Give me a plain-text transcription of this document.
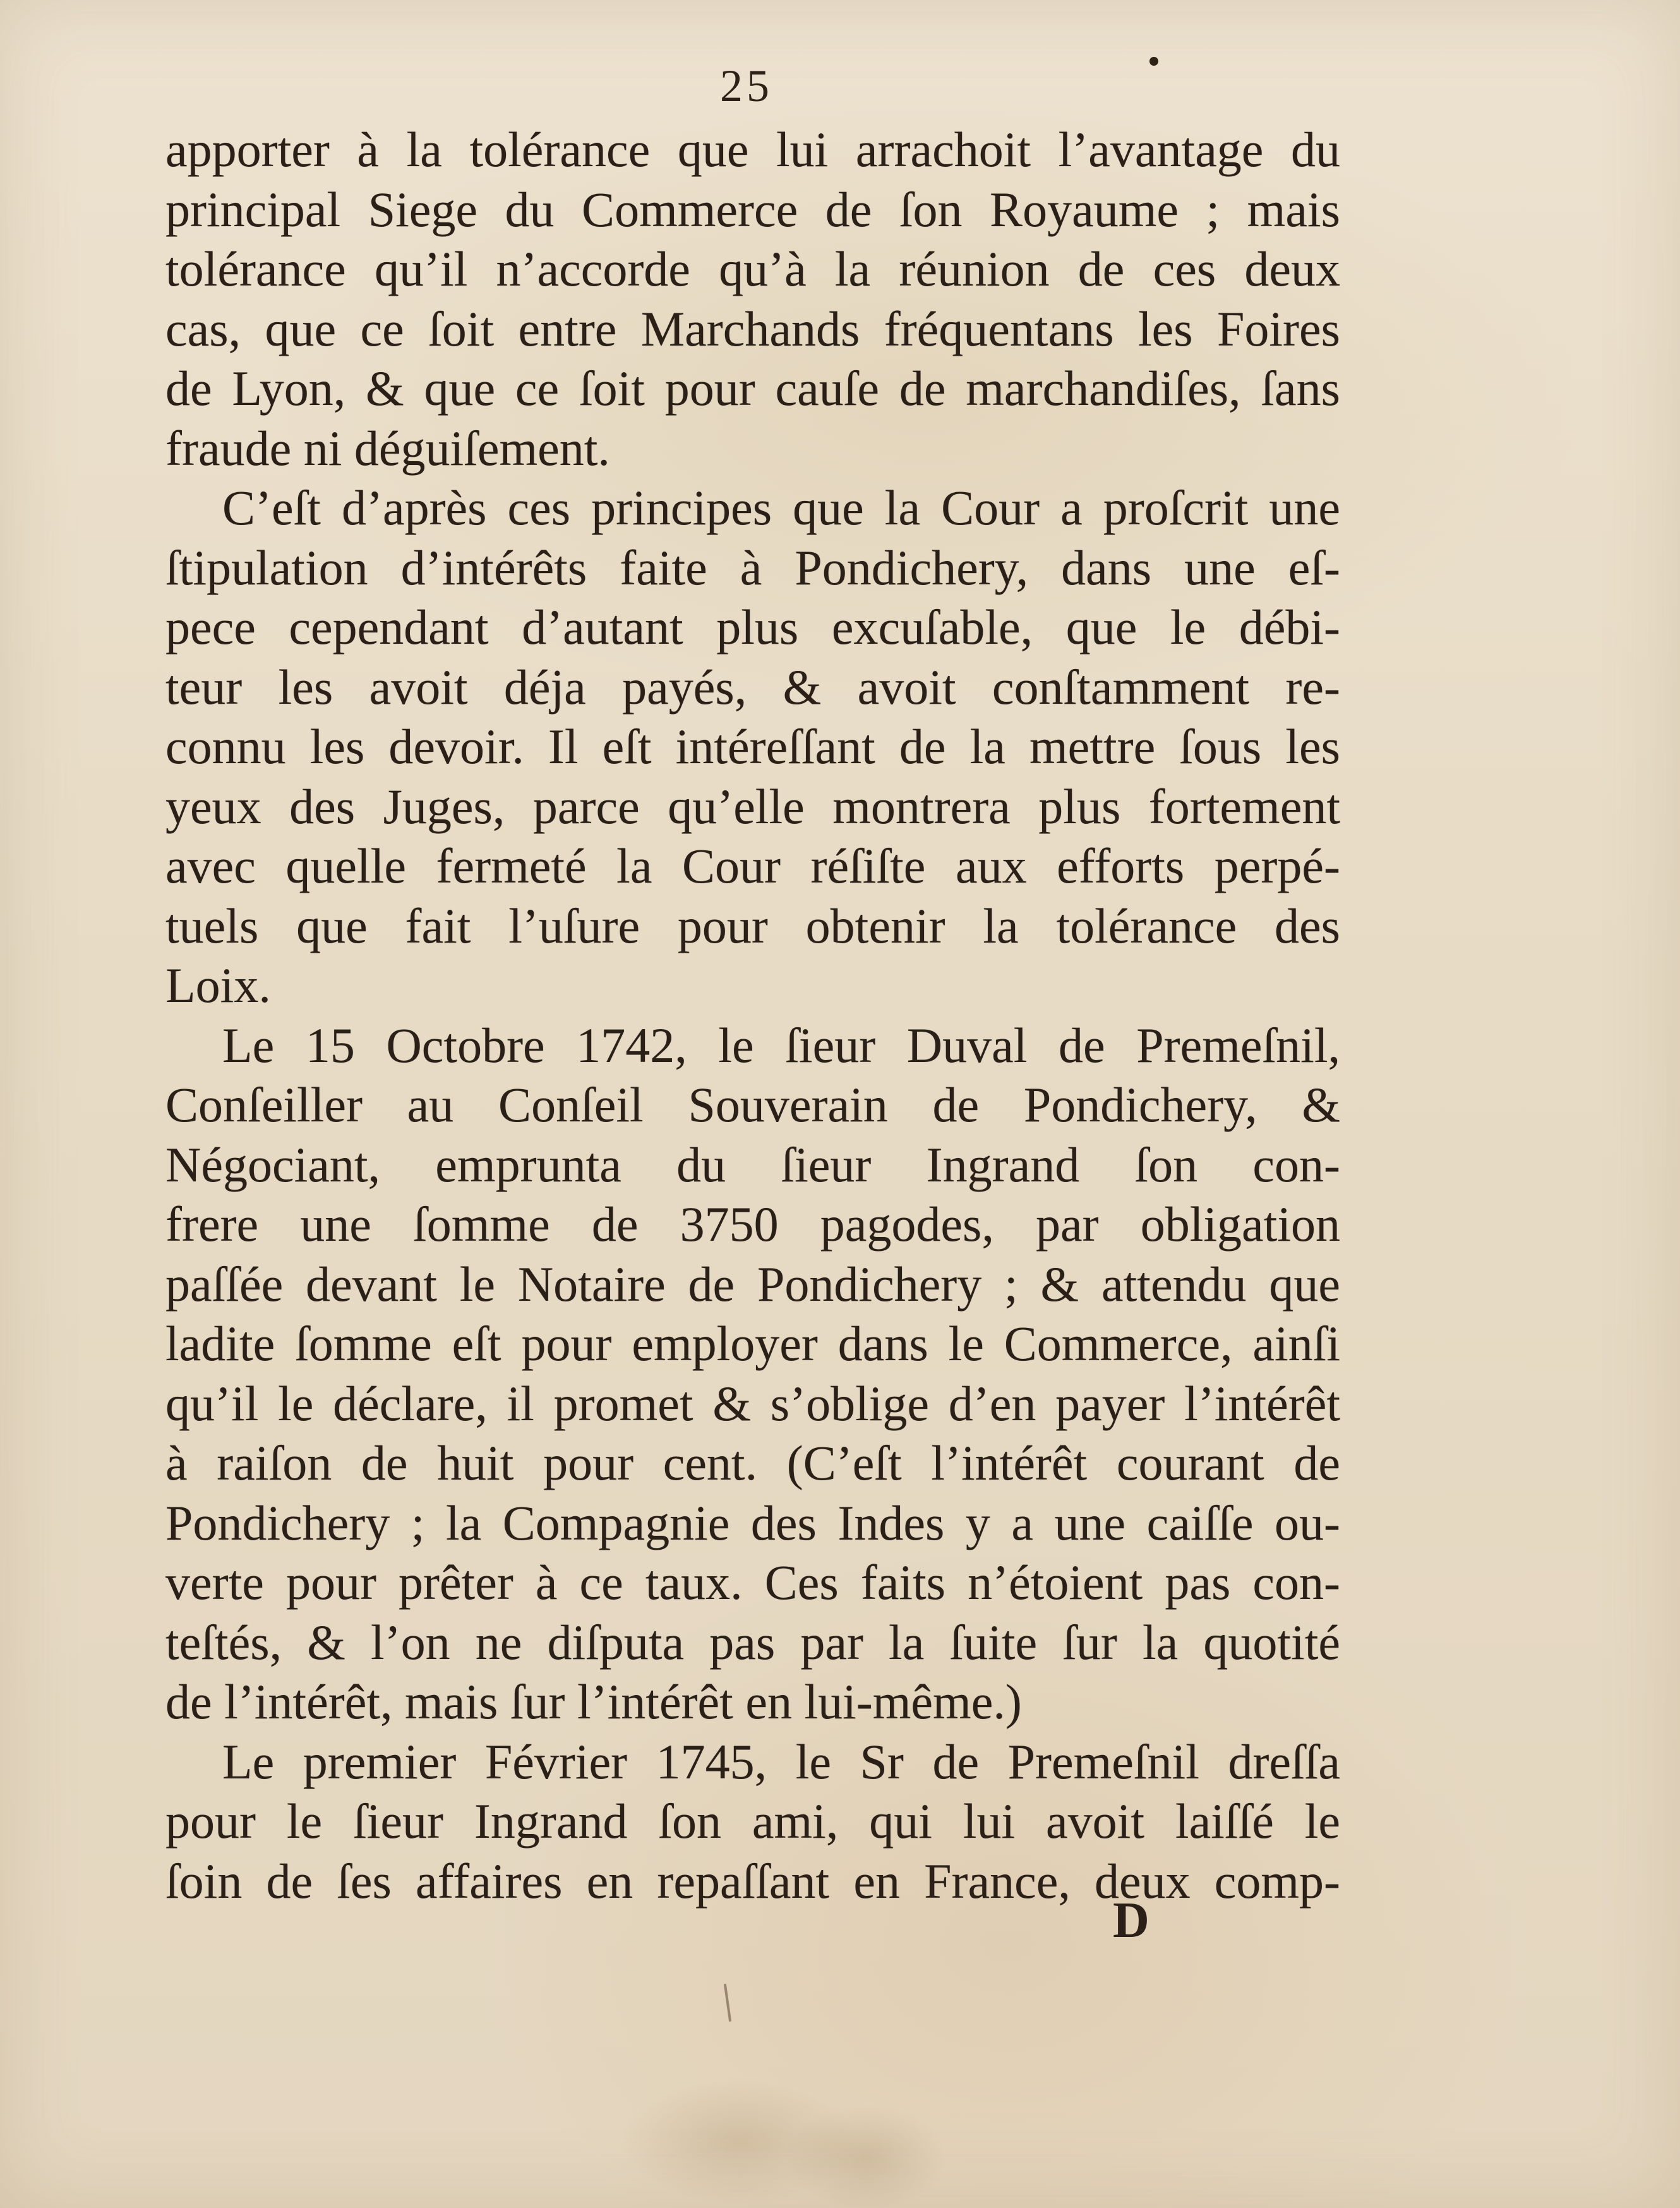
25
apporter à la tolérance que lui arrachoit l’avantage du
principal Siege du Commerce de ſon Royaume ; mais
tolérance qu’il n’accorde qu’à la réunion de ces deux
cas, que ce ſoit entre Marchands fréquentans les Foires
de Lyon, & que ce ſoit pour cauſe de marchandiſes, ſans
fraude ni déguiſement.
C’eſt d’après ces principes que la Cour a proſcrit une
ſtipulation d’intérêts faite à Pondichery, dans une eſ-
pece cependant d’autant plus excuſable, que le débi-
teur les avoit déja payés, & avoit conſtamment re-
connu les devoir. Il eſt intéreſſant de la mettre ſous les
yeux des Juges, parce qu’elle montrera plus fortement
avec quelle fermeté la Cour réſiſte aux efforts perpé-
tuels que fait l’uſure pour obtenir la tolérance des
Loix.
Le 15 Octobre 1742, le ſieur Duval de Premeſnil,
Conſeiller au Conſeil Souverain de Pondichery, &
Négociant, emprunta du ſieur Ingrand ſon con-
frere une ſomme de 3750 pagodes, par obligation
paſſée devant le Notaire de Pondichery ; & attendu que
ladite ſomme eſt pour employer dans le Commerce, ainſi
qu’il le déclare, il promet & s’oblige d’en payer l’intérêt
à raiſon de huit pour cent. (C’eſt l’intérêt courant de
Pondichery ; la Compagnie des Indes y a une caiſſe ou-
verte pour prêter à ce taux. Ces faits n’étoient pas con-
teſtés, & l’on ne diſputa pas par la ſuite ſur la quotité
de l’intérêt, mais ſur l’intérêt en lui-même.)
Le premier Février 1745, le Sr de Premeſnil dreſſa
pour le ſieur Ingrand ſon ami, qui lui avoit laiſſé le
ſoin de ſes affaires en repaſſant en France, deux comp-
D
